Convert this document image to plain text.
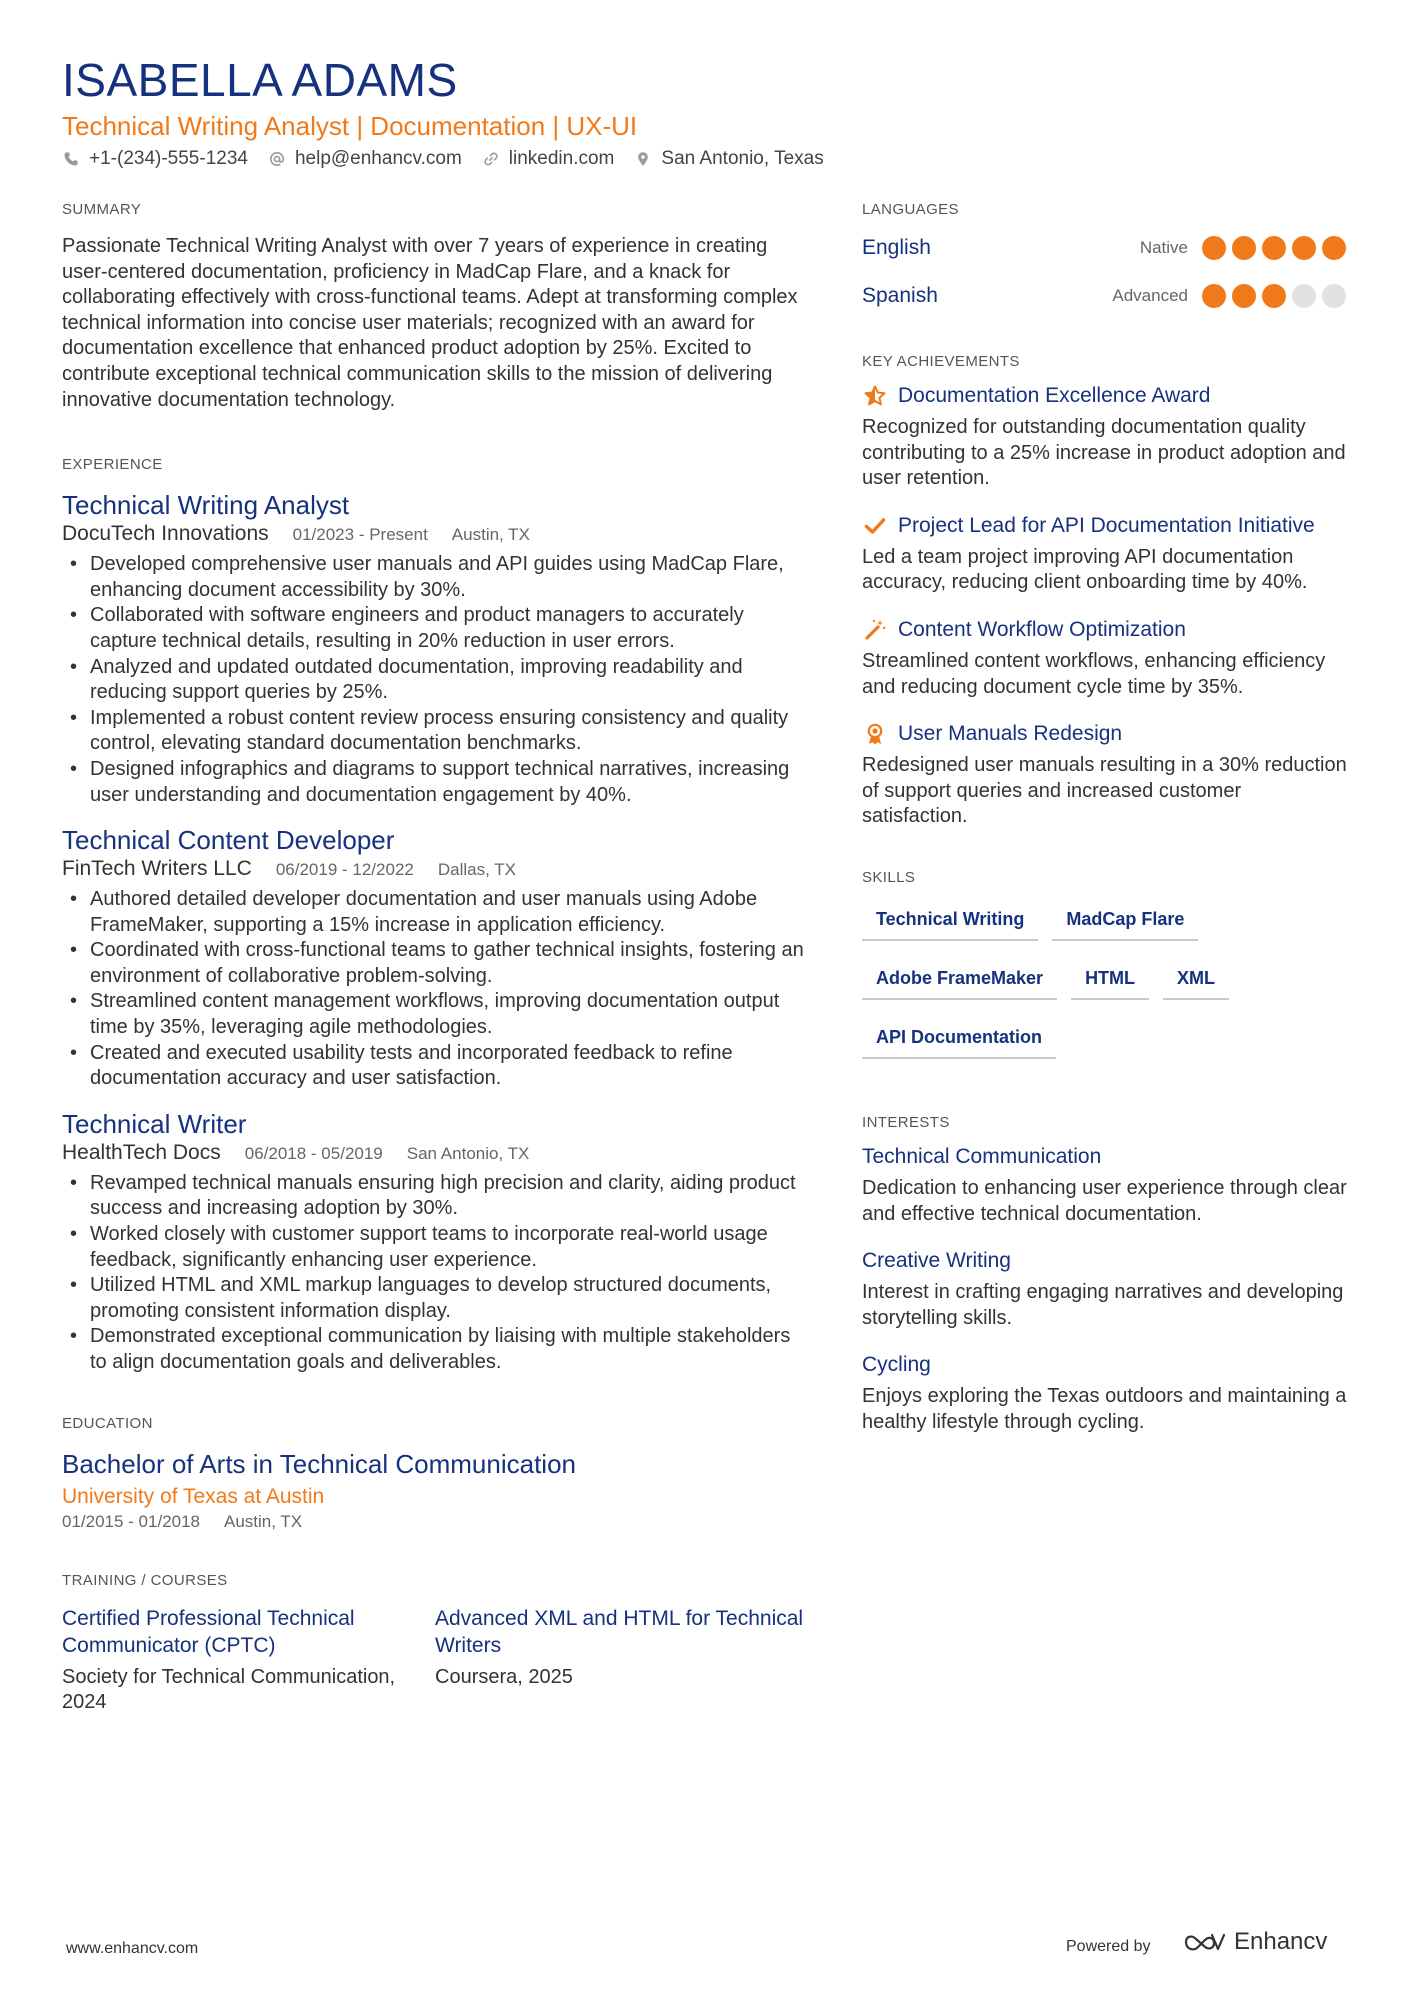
ISABELLA ADAMS
Technical Writing Analyst | Documentation | UX-UI
+1-(234)-555-1234 help@enhancv.com linkedin.com San Antonio, Texas
SUMMARY

Passionate Technical Writing Analyst with over 7 years of experience in creating user-centered documentation, proficiency in MadCap Flare, and a knack for collaborating effectively with cross-functional teams. Adept at transforming complex technical information into concise user materials; recognized with an award for documentation excellence that enhanced product adoption by 25%. Excited to contribute exceptional technical communication skills to the mission of delivering innovative documentation technology.

EXPERIENCE
Technical Writing Analyst
DocuTech Innovations 01/2023 - Present Austin, TX
• Developed comprehensive user manuals and API guides using MadCap Flare, enhancing document accessibility by 30%.
• Collaborated with software engineers and product managers to accurately capture technical details, resulting in 20% reduction in user errors.
• Analyzed and updated outdated documentation, improving readability and reducing support queries by 25%.
• Implemented a robust content review process ensuring consistency and quality control, elevating standard documentation benchmarks.
• Designed infographics and diagrams to support technical narratives, increasing user understanding and documentation engagement by 40%.
Technical Content Developer
FinTech Writers LLC 06/2019 - 12/2022 Dallas, TX
• Authored detailed developer documentation and user manuals using Adobe FrameMaker, supporting a 15% increase in application efficiency.
• Coordinated with cross-functional teams to gather technical insights, fostering an environment of collaborative problem-solving.
• Streamlined content management workflows, improving documentation output time by 35%, leveraging agile methodologies.
• Created and executed usability tests and incorporated feedback to refine documentation accuracy and user satisfaction.
Technical Writer
HealthTech Docs 06/2018 - 05/2019 San Antonio, TX
• Revamped technical manuals ensuring high precision and clarity, aiding product success and increasing adoption by 30%.
• Worked closely with customer support teams to incorporate real-world usage feedback, significantly enhancing user experience.
• Utilized HTML and XML markup languages to develop structured documents, promoting consistent information display.
• Demonstrated exceptional communication by liaising with multiple stakeholders to align documentation goals and deliverables.
EDUCATION
Bachelor of Arts in Technical Communication
University of Texas at Austin
01/2015 - 01/2018 Austin, TX
TRAINING / COURSES
Certified Professional Technical Communicator (CPTC)
Society for Technical Communication, 2024
Advanced XML and HTML for Technical Writers
Coursera, 2025
LANGUAGES
English	Native
Spanish	Advanced
KEY ACHIEVEMENTS
Documentation Excellence Award
Recognized for outstanding documentation quality contributing to a 25% increase in product adoption and user retention.
Project Lead for API Documentation Initiative
Led a team project improving API documentation accuracy, reducing client onboarding time by 40%.
Content Workflow Optimization
Streamlined content workflows, enhancing efficiency and reducing document cycle time by 35%.
User Manuals Redesign
Redesigned user manuals resulting in a 30% reduction of support queries and increased customer satisfaction.
SKILLS
Technical Writing	MadCap Flare
Adobe FrameMaker	HTML	XML
API Documentation
INTERESTS
Technical Communication
Dedication to enhancing user experience through clear and effective technical documentation.
Creative Writing
Interest in crafting engaging narratives and developing storytelling skills.
Cycling
Enjoys exploring the Texas outdoors and maintaining a healthy lifestyle through cycling.
www.enhancv.com	Powered by	Enhancv
